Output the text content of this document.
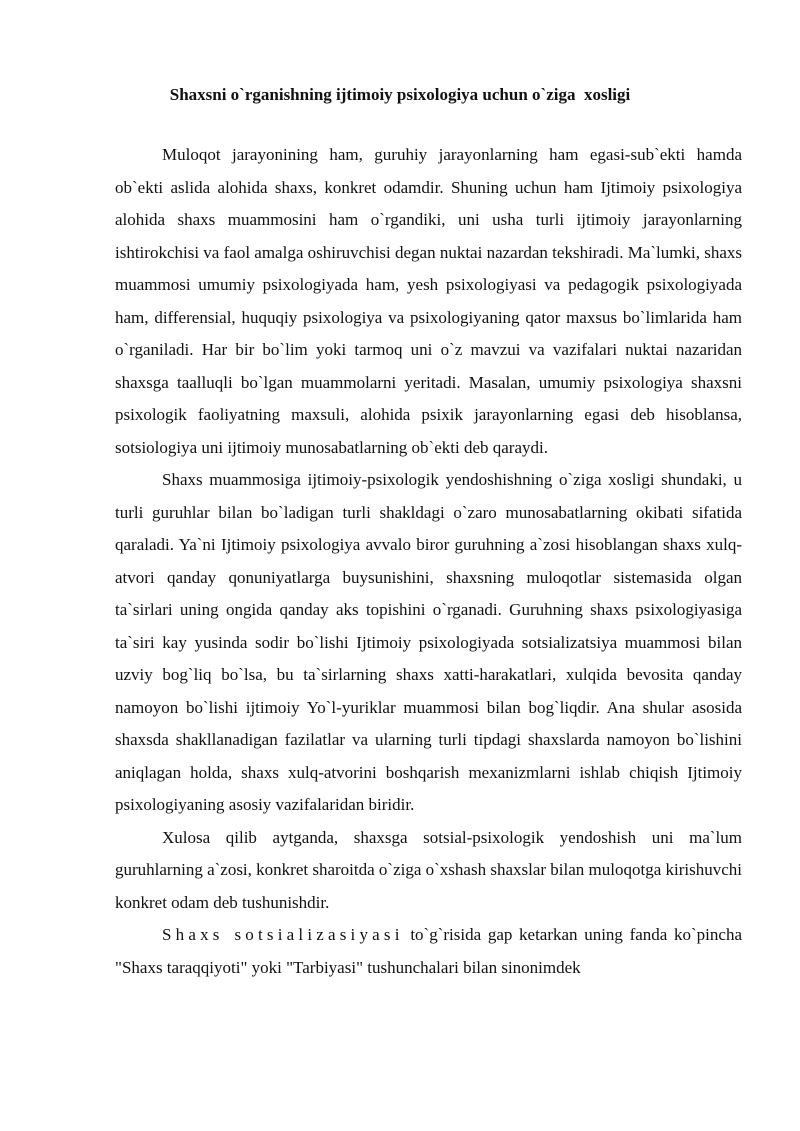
Shaxsni o`rganishning ijtimoiy psixologiya uchun o`ziga  xosligi

Muloqot jarayonining ham, guruhiy jarayonlarning ham egasi-sub`ekti hamda ob`ekti aslida alohida shaxs, konkret odamdir. Shuning uchun ham Ijtimoiy psixologiya alohida shaxs muammosini ham o`rgandiki, uni usha turli ijtimoiy jarayonlarning ishtirokchisi va faol amalga oshiruvchisi degan nuktai nazardan tekshiradi. Ma`lumki, shaxs muammosi umumiy psixologiyada ham, yesh psixologiyasi va pedagogik psixologiyada ham, differensial, huquqiy psixologiya va psixologiyaning qator maxsus bo`limlarida ham o`rganiladi. Har bir bo`lim yoki tarmoq uni o`z mavzui va vazifalari nuktai nazaridan shaxsga taalluqli bo`lgan muammolarni yeritadi. Masalan, umumiy psixologiya shaxsni psixologik faoliyatning maxsuli, alohida psixik jarayonlarning egasi deb hisoblansa, sotsiologiya uni ijtimoiy munosabatlarning ob`ekti deb qaraydi.

Shaxs muammosiga ijtimoiy-psixologik yendoshishning o`ziga xosligi shundaki, u turli guruhlar bilan bo`ladigan turli shakldagi o`zaro munosabatlarning okibati sifatida qaraladi. Ya`ni Ijtimoiy psixologiya avvalo biror guruhning a`zosi hisoblangan shaxs xulq-atvori qanday qonuniyatlarga buysunishini, shaxsning muloqotlar sistemasida olgan ta`sirlari uning ongida qanday aks topishini o`rganadi. Guruhning shaxs psixologiyasiga ta`siri kay yusinda sodir bo`lishi Ijtimoiy psixologiyada sotsializatsiya muammosi bilan uzviy bog`liq bo`lsa, bu ta`sirlarning shaxs xatti-harakatlari, xulqida bevosita qanday namoyon bo`lishi ijtimoiy Yo`l-yuriklar muammosi bilan bog`liqdir. Ana shular asosida shaxsda shakllanadigan fazilatlar va ularning turli tipdagi shaxslarda namoyon bo`lishini aniqlagan holda, shaxs xulq-atvorini boshqarish mexanizmlarni ishlab chiqish Ijtimoiy psixologiyaning asosiy vazifalaridan biridir.

Xulosa qilib aytganda, shaxsga sotsial-psixologik yendoshish uni ma`lum guruhlarning a`zosi, konkret sharoitda o`ziga o`xshash shaxslar bilan muloqotga kirishuvchi konkret odam deb tushunishdir.

Shaxs sotsializasiyasi to`g`risida gap ketarkan uning fanda ko`pincha "Shaxs taraqqiyoti" yoki "Tarbiyasi" tushunchalari bilan sinonimdek
